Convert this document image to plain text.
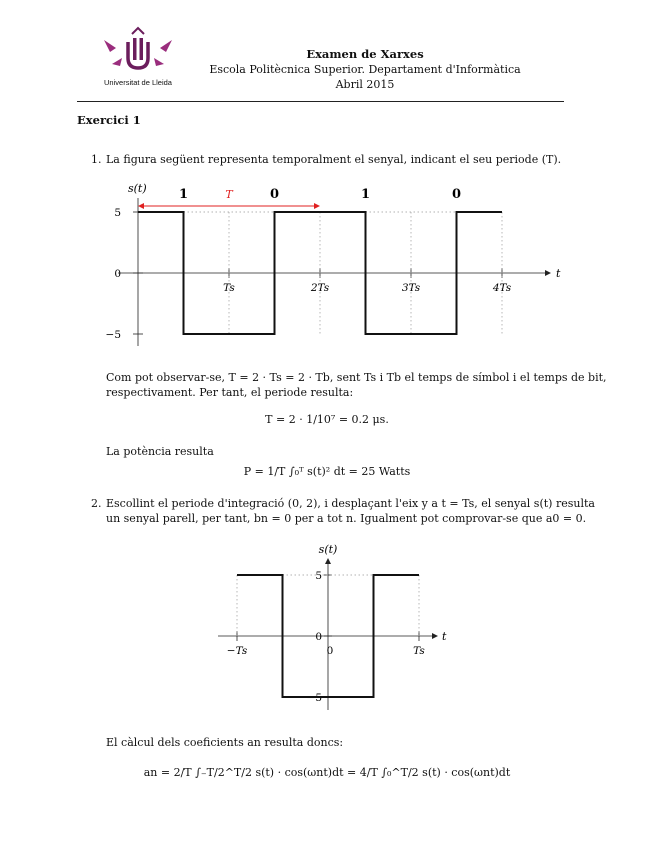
Universitat de Lleida
Examen de Xarxes
Escola Politècnica Superior. Departament d'Informàtica
Abril 2015
Exercici 1
1. La figura següent representa temporalment el senyal, indicant el seu periode (T).
t
s(t)
5
0
−5
Ts	2Ts	3Ts	4Ts
1	0	1	0
T
Com pot observar-se, T = 2 · Ts = 2 · Tb, sent Ts i Tb el temps de símbol i el temps de bit,
respectivament. Per tant, el periode resulta:
T = 2 · 1/10⁷ = 0.2 μs.
La potència resulta
P = 1/T ∫₀ᵀ s(t)² dt = 25 Watts
2. Escollint el periode d'integració (0, 2), i desplaçant l'eix y a t = Ts, el senyal s(t) resulta
un senyal parell, per tant, bn = 0 per a tot n. Igualment pot comprovar-se que a0 = 0.
t
s(t)
5
0
−5
−Ts	0	Ts
El càlcul dels coeficients an resulta doncs:
an = 2/T ∫₋T/2^T/2 s(t) · cos(ωnt)dt = 4/T ∫₀^T/2 s(t) · cos(ωnt)dt
